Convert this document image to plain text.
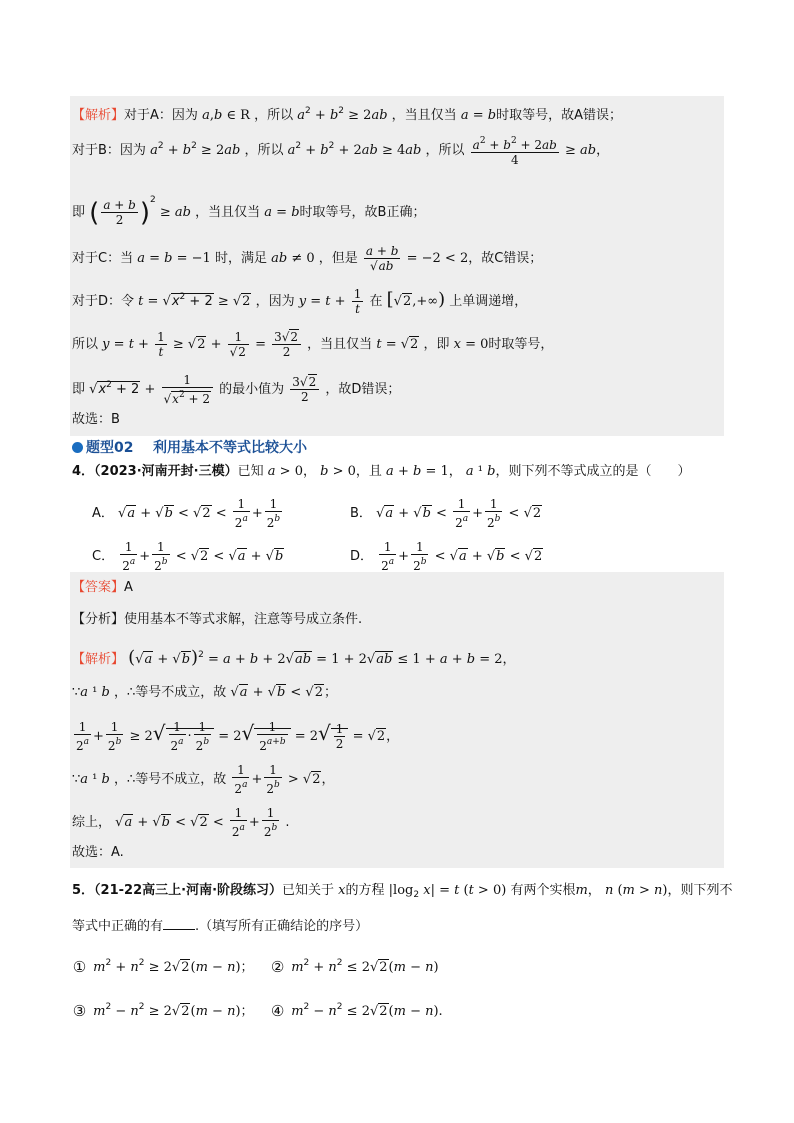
【解析】对于A：因为 a,b ∈ R ，所以 $a^2 + b^2 \ge 2ab$ ，当且仅当 a = b时取等号，故A错误；
对于B：因为 $a^2 + b^2 \ge 2ab$ ，所以 $a^2 + b^2 + 2ab \ge 4ab$ ，所以 $\frac{a^2 + b^2 + 2ab}{4}$ ≥ ab，
即 ( $\frac{a + b}{2} )^2$ ≥ ab ，当且仅当 a = b时取等号，故B正确；
对于C：当 a = b = −1 时，满足 ab ≠ 0 ，但是 $\frac{a + b}{√ab} = -2 < 2$，故C错误；
对于D：令 $t = √x^2 + 2 \ge √2$ ，因为 $y = t + \frac{1}{t}$ 在 [√2,+∞) 上单调递增，
所以 $y = t + \frac{1}{t} \ge √2 + \frac{1}{√2} = \frac{3√2}{2}$ ，当且仅当 t = √2 ，即 x = 0时取等号，
即 $√x^2 + 2 + \frac{1}{√x^2 + 2}$ 的最小值为 $\frac{3√2}{2}$ ，故D错误；
故选：B
题型02 利用基本不等式比较大小
4．（2023·河南开封·三模）已知 a > 0， b > 0，且 a + b = 1， a ¹ b，则下列不等式成立的是（　　）
A． $√a + √b < √2 < \frac{1}{2^a} + \frac{1}{2^b}$	B． $√a + √b < \frac{1}{2^a} + \frac{1}{2^b} < √2$
C． $\frac{1}{2^a} + \frac{1}{2^b} < √2 < √a + √b$	D． $\frac{1}{2^a} + \frac{1}{2^b} < √a + √b < √2$
【答案】A
【分析】使用基本不等式求解，注意等号成立条件.
【解析】 $(√a + √b)^2 = a + b + 2√ab = 1 + 2√ab \le 1 + a + b = 2$，
∵a ¹ b ，∴等号不成立，故 √a + √b < √2；
$\frac{1}{2^a} + \frac{1}{2^b} \ge 2√ \frac{1}{2^a} \cdot \frac{1}{2^b} = 2√ \frac{1}{2^{a+b}} = 2√ \frac{1}{2} = √2$，
∵a ¹ b ，∴等号不成立，故 $\frac{1}{2^a} + \frac{1}{2^b} > √2$，
综上， $√a + √b < √2 < \frac{1}{2^a} + \frac{1}{2^b}$ .
故选：A.
5．（21-22高三上·河南·阶段练习）已知关于 x的方程 $|\log_2$ x| = t (t > 0) 有两个实根m， n (m > n)，则下列不
等式中正确的有 .（填写所有正确结论的序号）
① $m^2 + n^2 \ge 2√2(m - n)$； ② $m^2 + n^2 \le 2√2(m - n)$
③ $m^2 - n^2 \ge 2√2(m - n)$； ④ $m^2 - n^2 \le 2√2(m - n)$.
